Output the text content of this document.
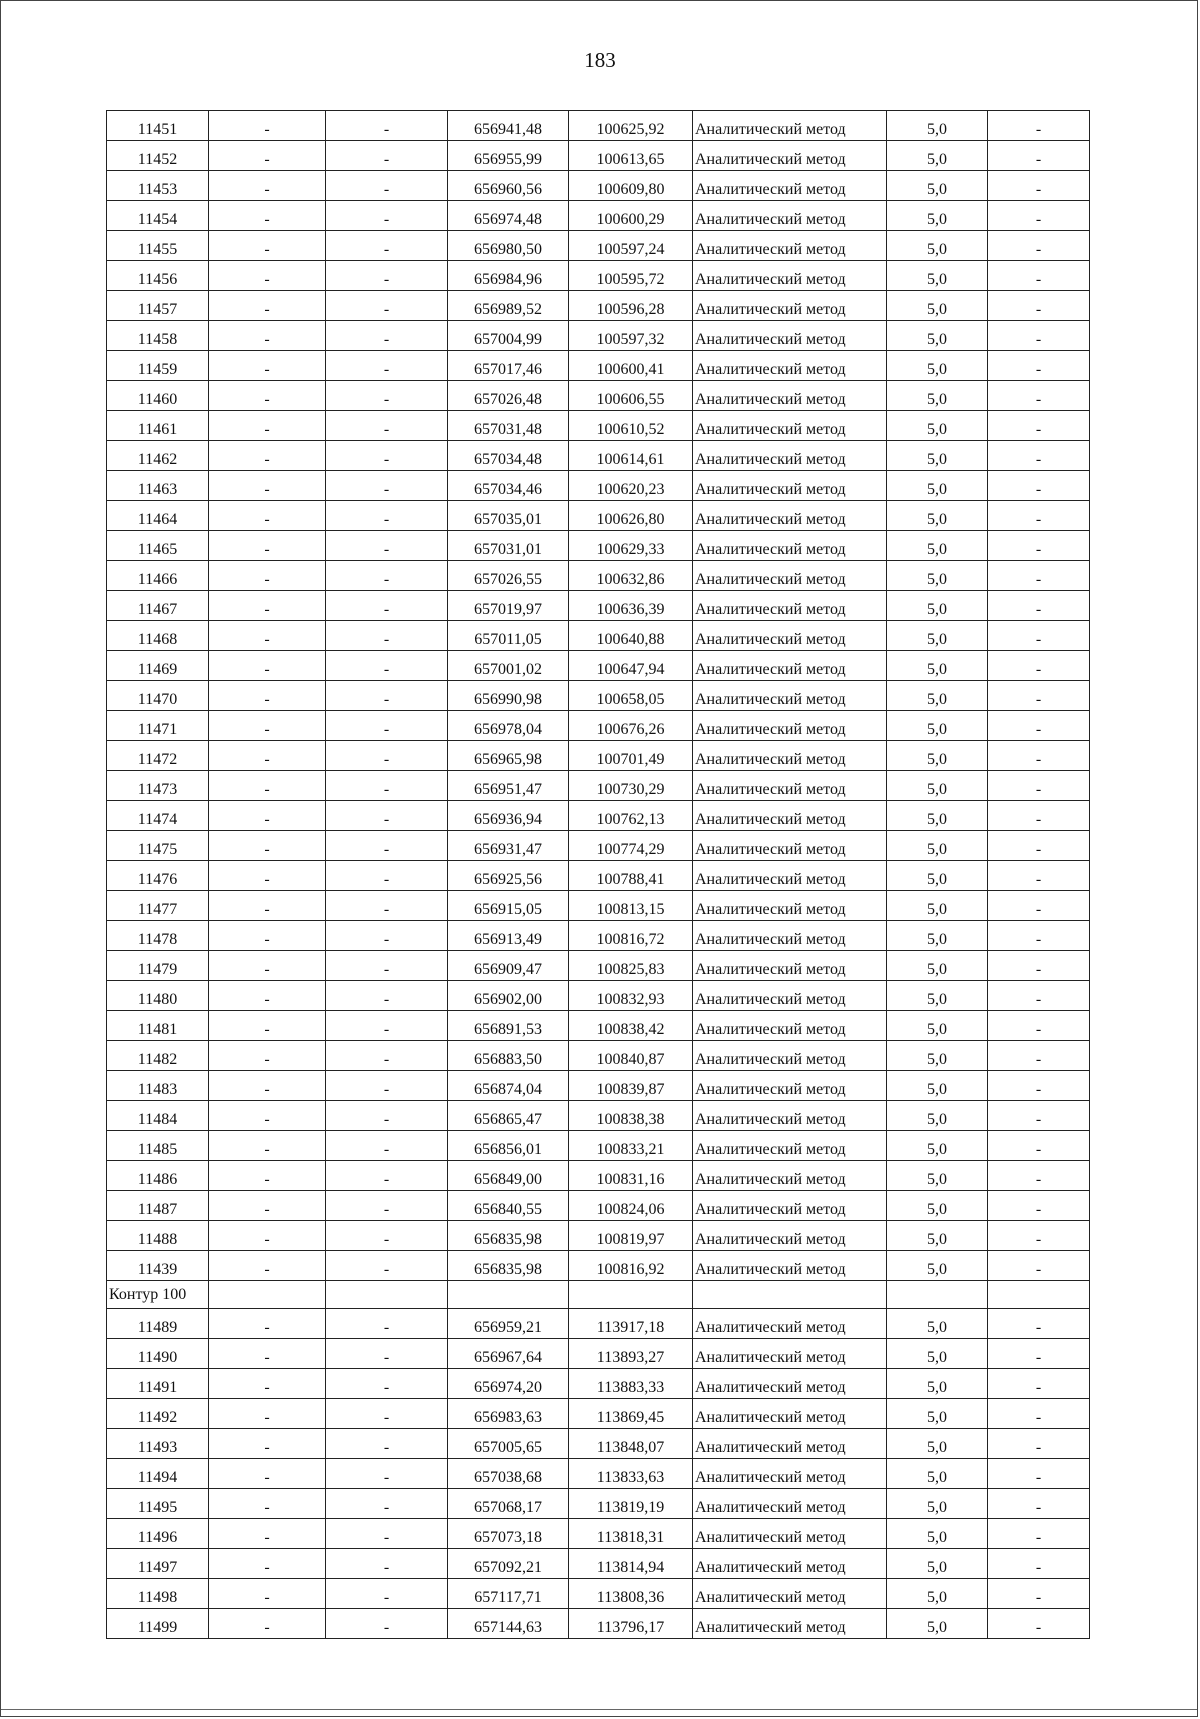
183
11451	-	-	656941,48	100625,92	Аналитический метод	5,0	-
11452	-	-	656955,99	100613,65	Аналитический метод	5,0	-
11453	-	-	656960,56	100609,80	Аналитический метод	5,0	-
11454	-	-	656974,48	100600,29	Аналитический метод	5,0	-
11455	-	-	656980,50	100597,24	Аналитический метод	5,0	-
11456	-	-	656984,96	100595,72	Аналитический метод	5,0	-
11457	-	-	656989,52	100596,28	Аналитический метод	5,0	-
11458	-	-	657004,99	100597,32	Аналитический метод	5,0	-
11459	-	-	657017,46	100600,41	Аналитический метод	5,0	-
11460	-	-	657026,48	100606,55	Аналитический метод	5,0	-
11461	-	-	657031,48	100610,52	Аналитический метод	5,0	-
11462	-	-	657034,48	100614,61	Аналитический метод	5,0	-
11463	-	-	657034,46	100620,23	Аналитический метод	5,0	-
11464	-	-	657035,01	100626,80	Аналитический метод	5,0	-
11465	-	-	657031,01	100629,33	Аналитический метод	5,0	-
11466	-	-	657026,55	100632,86	Аналитический метод	5,0	-
11467	-	-	657019,97	100636,39	Аналитический метод	5,0	-
11468	-	-	657011,05	100640,88	Аналитический метод	5,0	-
11469	-	-	657001,02	100647,94	Аналитический метод	5,0	-
11470	-	-	656990,98	100658,05	Аналитический метод	5,0	-
11471	-	-	656978,04	100676,26	Аналитический метод	5,0	-
11472	-	-	656965,98	100701,49	Аналитический метод	5,0	-
11473	-	-	656951,47	100730,29	Аналитический метод	5,0	-
11474	-	-	656936,94	100762,13	Аналитический метод	5,0	-
11475	-	-	656931,47	100774,29	Аналитический метод	5,0	-
11476	-	-	656925,56	100788,41	Аналитический метод	5,0	-
11477	-	-	656915,05	100813,15	Аналитический метод	5,0	-
11478	-	-	656913,49	100816,72	Аналитический метод	5,0	-
11479	-	-	656909,47	100825,83	Аналитический метод	5,0	-
11480	-	-	656902,00	100832,93	Аналитический метод	5,0	-
11481	-	-	656891,53	100838,42	Аналитический метод	5,0	-
11482	-	-	656883,50	100840,87	Аналитический метод	5,0	-
11483	-	-	656874,04	100839,87	Аналитический метод	5,0	-
11484	-	-	656865,47	100838,38	Аналитический метод	5,0	-
11485	-	-	656856,01	100833,21	Аналитический метод	5,0	-
11486	-	-	656849,00	100831,16	Аналитический метод	5,0	-
11487	-	-	656840,55	100824,06	Аналитический метод	5,0	-
11488	-	-	656835,98	100819,97	Аналитический метод	5,0	-
11439	-	-	656835,98	100816,92	Аналитический метод	5,0	-
Контур 100							
11489	-	-	656959,21	113917,18	Аналитический метод	5,0	-
11490	-	-	656967,64	113893,27	Аналитический метод	5,0	-
11491	-	-	656974,20	113883,33	Аналитический метод	5,0	-
11492	-	-	656983,63	113869,45	Аналитический метод	5,0	-
11493	-	-	657005,65	113848,07	Аналитический метод	5,0	-
11494	-	-	657038,68	113833,63	Аналитический метод	5,0	-
11495	-	-	657068,17	113819,19	Аналитический метод	5,0	-
11496	-	-	657073,18	113818,31	Аналитический метод	5,0	-
11497	-	-	657092,21	113814,94	Аналитический метод	5,0	-
11498	-	-	657117,71	113808,36	Аналитический метод	5,0	-
11499	-	-	657144,63	113796,17	Аналитический метод	5,0	-
